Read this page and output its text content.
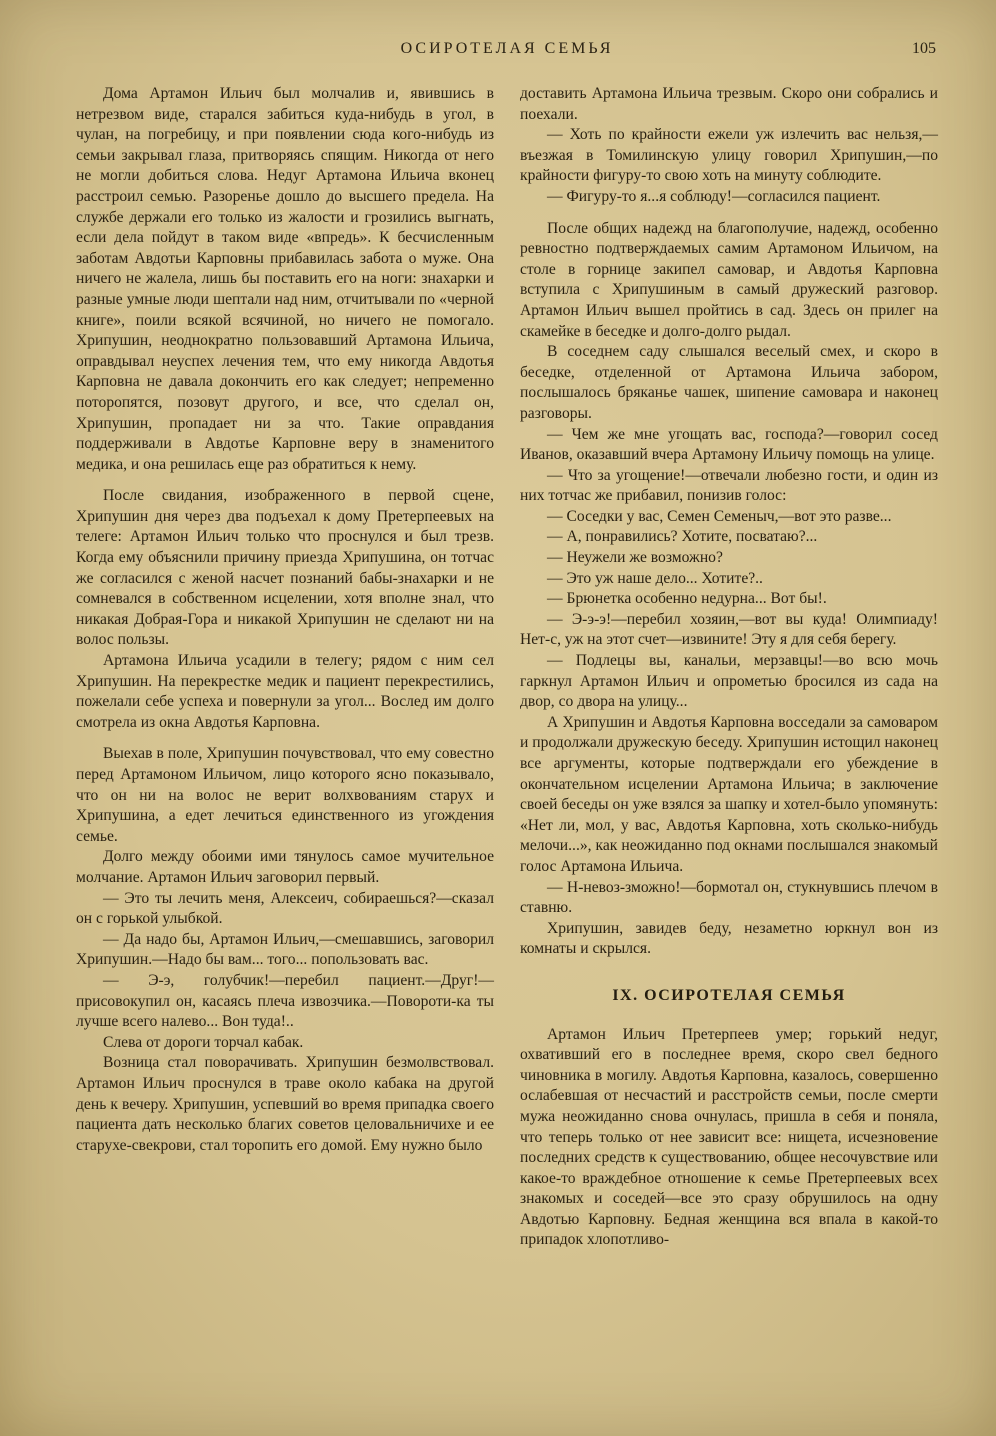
ОСИРОТЕЛАЯ СЕМЬЯ	105

Дома Артамон Ильич был молчалив и, явившись в нетрезвом виде, старался забиться куда-нибудь в угол, в чулан, на погребицу, и при появлении сюда кого-нибудь из семьи закрывал глаза, притворяясь спящим. Никогда от него не могли добиться слова. Недуг Артамона Ильича вконец расстроил семью. Разоренье дошло до высшего предела. На службе держали его только из жалости и грозились выгнать, если дела пойдут в таком виде «впредь». К бесчисленным заботам Авдотьи Карповны прибавилась забота о муже. Она ничего не жалела, лишь бы поставить его на ноги: знахарки и разные умные люди шептали над ним, отчитывали по «черной книге», поили всякой всячиной, но ничего не помогало. Хрипушин, неоднократно пользовавший Артамона Ильича, оправдывал неуспех лечения тем, что ему никогда Авдотья Карповна не давала докончить его как следует; непременно поторопятся, позовут другого, и все, что сделал он, Хрипушин, пропадает ни за что. Такие оправдания поддерживали в Авдотье Карповне веру в знаменитого медика, и она решилась еще раз обратиться к нему.

После свидания, изображенного в первой сцене, Хрипушин дня через два подъехал к дому Претерпеевых на телеге: Артамон Ильич только что проснулся и был трезв. Когда ему объяснили причину приезда Хрипушина, он тотчас же согласился с женой насчет познаний бабы-знахарки и не сомневался в собственном исцелении, хотя вполне знал, что никакая Добрая-Гора и никакой Хрипушин не сделают ни на волос пользы.

Артамона Ильича усадили в телегу; рядом с ним сел Хрипушин. На перекрестке медик и пациент перекрестились, пожелали себе успеха и повернули за угол... Вослед им долго смотрела из окна Авдотья Карповна.

Выехав в поле, Хрипушин почувствовал, что ему совестно перед Артамоном Ильичом, лицо которого ясно показывало, что он ни на волос не верит волхвованиям старух и Хрипушина, а едет лечиться единственного из угождения семье.

Долго между обоими ими тянулось самое мучительное молчание. Артамон Ильич заговорил первый.

— Это ты лечить меня, Алексеич, собираешься?—сказал он с горькой улыбкой.

— Да надо бы, Артамон Ильич,—смешавшись, заговорил Хрипушин.—Надо бы вам... того... попользовать вас.

— Э-э, голубчик!—перебил пациент.—Друг!—присовокупил он, касаясь плеча извозчика.—Повороти-ка ты лучше всего налево... Вон туда!..

Слева от дороги торчал кабак.

Возница стал поворачивать. Хрипушин безмолвствовал. Артамон Ильич проснулся в траве около кабака на другой день к вечеру. Хрипушин, успевший во время припадка своего пациента дать несколько благих советов целовальничихе и ее старухе-свекрови, стал торопить его домой. Ему нужно было

доставить Артамона Ильича трезвым. Скоро они собрались и поехали.

— Хоть по крайности ежели уж излечить вас нельзя,—въезжая в Томилинскую улицу говорил Хрипушин,—по крайности фигуру-то свою хоть на минуту соблюдите.

— Фигуру-то я...я соблюду!—согласился пациент.

После общих надежд на благополучие, надежд, особенно ревностно подтверждаемых самим Артамоном Ильичом, на столе в горнице закипел самовар, и Авдотья Карповна вступила с Хрипушиным в самый дружеский разговор. Артамон Ильич вышел пройтись в сад. Здесь он прилег на скамейке в беседке и долго-долго рыдал.

В соседнем саду слышался веселый смех, и скоро в беседке, отделенной от Артамона Ильича забором, послышалось бряканье чашек, шипение самовара и наконец разговоры.

— Чем же мне угощать вас, господа?—говорил сосед Иванов, оказавший вчера Артамону Ильичу помощь на улице.

— Что за угощение!—отвечали любезно гости, и один из них тотчас же прибавил, понизив голос:

— Соседки у вас, Семен Семеныч,—вот это разве...

— А, понравились? Хотите, посватаю?...

— Неужели же возможно?

— Это уж наше дело... Хотите?..

— Брюнетка особенно недурна... Вот бы!.

— Э-э-э!—перебил хозяин,—вот вы куда! Олимпиаду! Нет-с, уж на этот счет—извините! Эту я для себя берегу.

— Подлецы вы, канальи, мерзавцы!—во всю мочь гаркнул Артамон Ильич и опрометью бросился из сада на двор, со двора на улицу...

А Хрипушин и Авдотья Карповна восседали за самоваром и продолжали дружескую беседу. Хрипушин истощил наконец все аргументы, которые подтверждали его убеждение в окончательном исцелении Артамона Ильича; в заключение своей беседы он уже взялся за шапку и хотел-было упомянуть: «Нет ли, мол, у вас, Авдотья Карповна, хоть сколько-нибудь мелочи...», как неожиданно под окнами послышался знакомый голос Артамона Ильича.

— Н-невоз-зможно!—бормотал он, стукнувшись плечом в ставню.

Хрипушин, завидев беду, незаметно юркнул вон из комнаты и скрылся.

IX. ОСИРОТЕЛАЯ СЕМЬЯ

Артамон Ильич Претерпеев умер; горький недуг, охвативший его в последнее время, скоро свел бедного чиновника в могилу. Авдотья Карповна, казалось, совершенно ослабевшая от несчастий и расстройств семьи, после смерти мужа неожиданно снова очнулась, пришла в себя и поняла, что теперь только от нее зависит все: нищета, исчезновение последних средств к существованию, общее несочувствие или какое-то враждебное отношение к семье Претерпеевых всех знакомых и соседей—все это сразу обрушилось на одну Авдотью Карповну. Бедная женщина вся впала в какой-то припадок хлопотливо-
